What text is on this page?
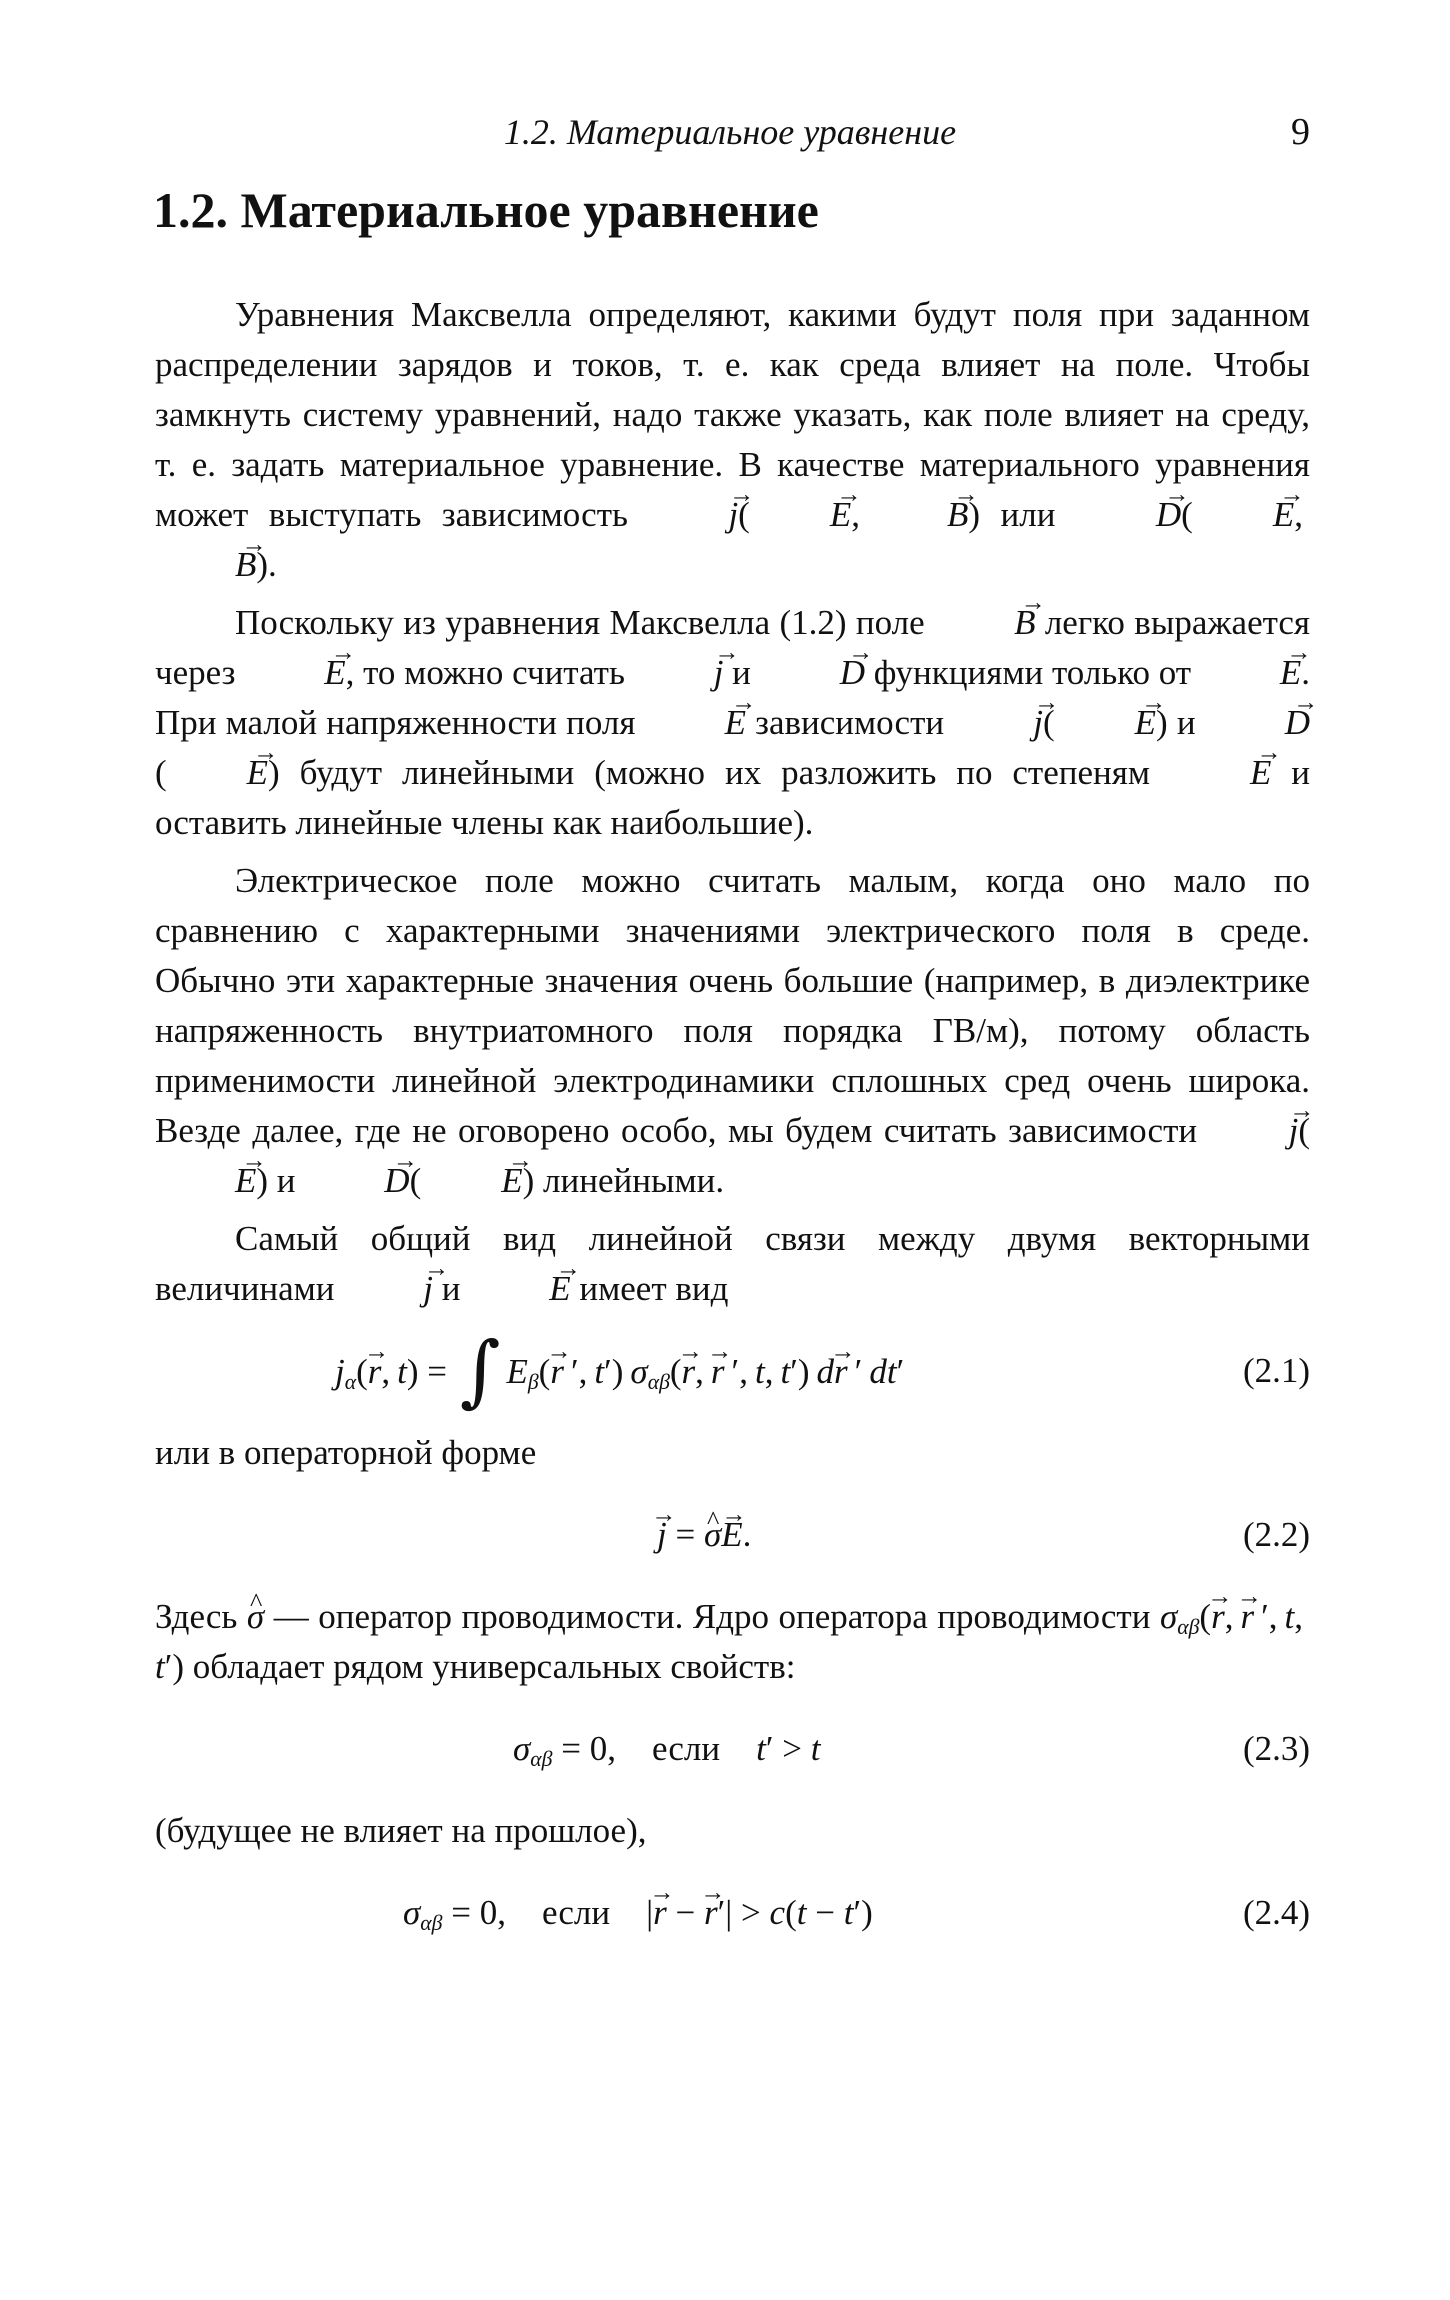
1.2. Материальное уравнение	9
1.2. Материальное уравнение

Уравнения Максвелла определяют, какими будут поля при заданном распределении зарядов и токов, т. е. как среда влияет на поле. Чтобы замкнуть систему уравнений, надо также указать, как поле влияет на среду, т. е. задать материальное уравнение. В качестве материального уравнения может выступать зависимость → j( → E, → B) или → D( → E, → B).

Поскольку из уравнения Максвелла (1.2) поле → B легко выражается через → E, то можно считать → j и → D функциями только от → E. При малой напряженности поля → E зависимости → j( → E) и → D( → E) будут линейными (можно их разложить по степеням → E и оставить линейные члены как наибольшие).

Электрическое поле можно считать малым, когда оно мало по сравнению с характерными значениями электрического поля в среде. Обычно эти характерные значения очень большие (например, в диэлектрике напряженность внутриатомного поля порядка ГВ/м), потому область применимости линейной электродинамики сплошных сред очень широка. Везде далее, где не оговорено особо, мы будем считать зависимости → j(→ E) и → D( → E) линейными.

Самый общий вид линейной связи между двумя векторными величинами → j и → E имеет вид

$j_\alpha(\to r$, t) = ∫ $E_\beta(\to r$ ′, t′) $\sigma_{\alpha\beta}(\to r$, → r ′, t, t′) d→ r ′ dt′	(2.1)

или в операторной форме

→ j = ^ σ→ E.	(2.2)

Здесь ^ σ — оператор проводимости. Ядро оператора проводимости $\sigma_{\alpha\beta}(\to r$, → r ′, t, t′) обладает рядом универсальных свойств:

$\sigma_{\alpha\beta} = 0$, если t′ > t	(2.3)

(будущее не влияет на прошлое),

$\sigma_{\alpha\beta} = 0$, если |→ r − → r′| > c(t − t′)	(2.4)
